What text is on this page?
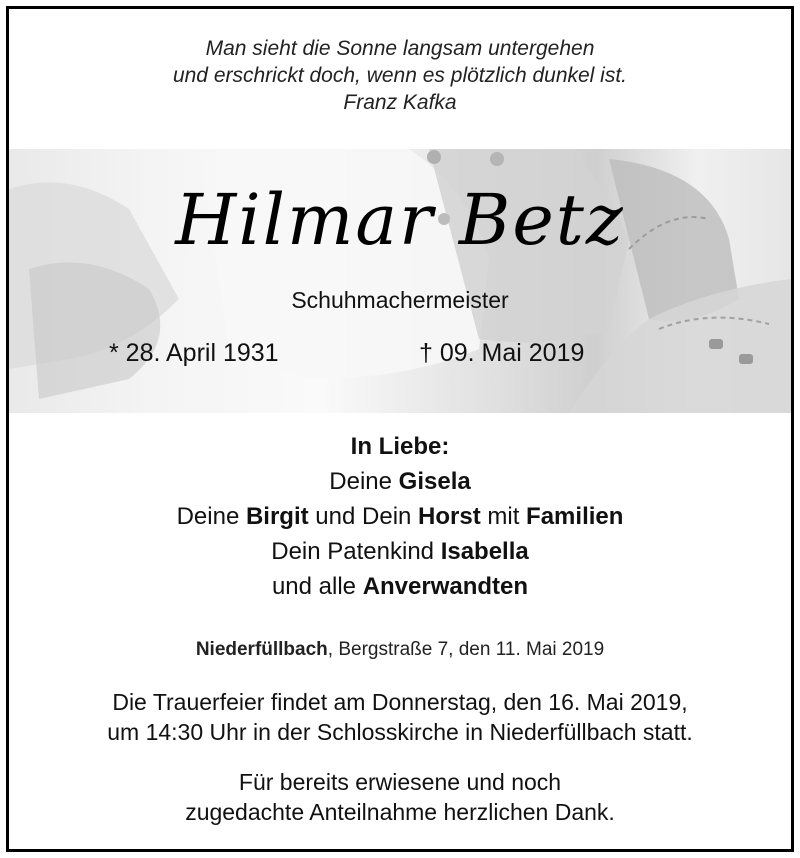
Man sieht die Sonne langsam untergehen
und erschrickt doch, wenn es plötzlich dunkel ist.
Franz Kafka
Hilmar Betz
Schuhmachermeister
* 28. April 1931	† 09. Mai 2019
In Liebe:
Deine Gisela
Deine Birgit und Dein Horst mit Familien
Dein Patenkind Isabella
und alle Anverwandten
Niederfüllbach, Bergstraße 7, den 11. Mai 2019
Die Trauerfeier findet am Donnerstag, den 16. Mai 2019,
um 14:30 Uhr in der Schlosskirche in Niederfüllbach statt.
Für bereits erwiesene und noch
zugedachte Anteilnahme herzlichen Dank.
